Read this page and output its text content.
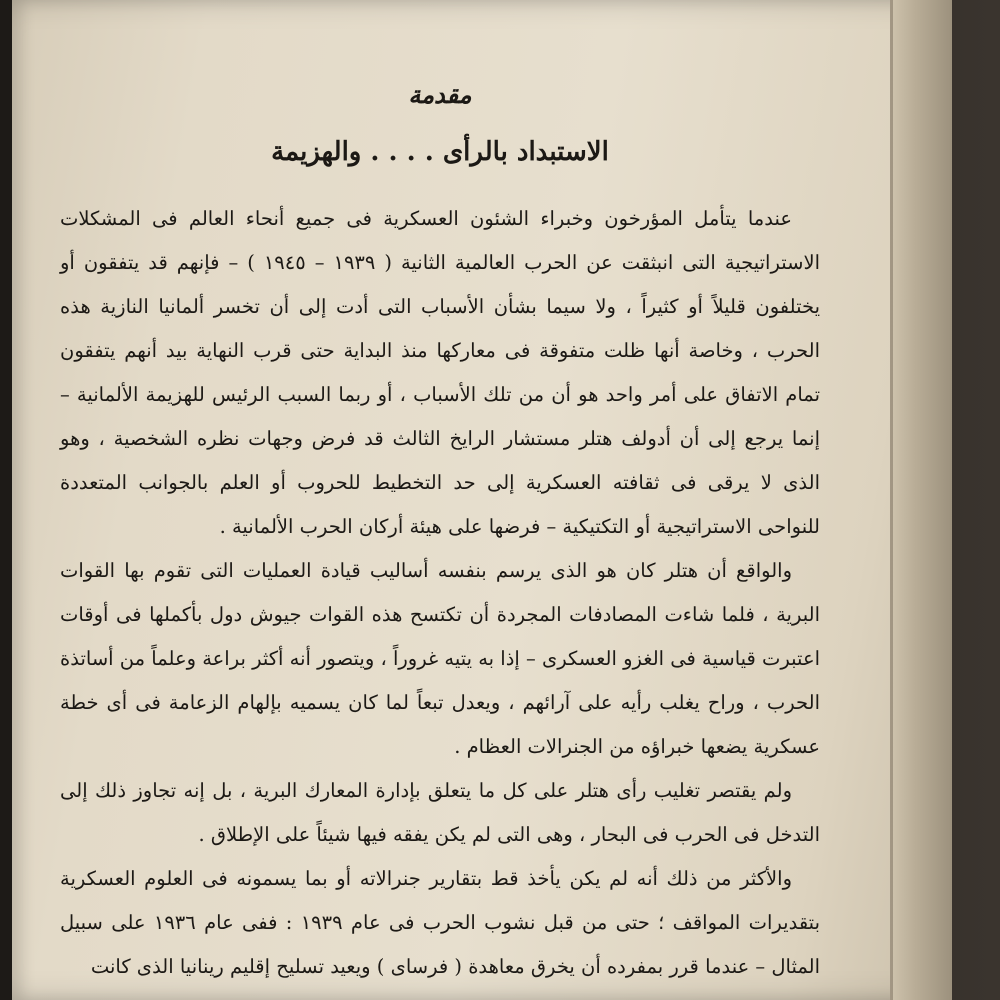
مقدمة
الاستبداد بالرأى . . . . والهزيمة

عندما يتأمل المؤرخون وخبراء الشئون العسكرية فى جميع أنحاء العالم فى المشكلات الاستراتيجية التى انبثقت عن الحرب العالمية الثانية ( ١٩٣٩ – ١٩٤٥ ) – فإنهم قد يتفقون أو يختلفون قليلاً أو كثيراً ، ولا سيما بشأن الأسباب التى أدت إلى أن تخسر ألمانيا النازية هذه الحرب ، وخاصة أنها ظلت متفوقة فى معاركها منذ البداية حتى قرب النهاية بيد أنهم يتفقون تمام الاتفاق على أمر واحد هو أن من تلك الأسباب ، أو ربما السبب الرئيس للهزيمة الألمانية – إنما يرجع إلى أن أدولف هتلر مستشار الرايخ الثالث قد فرض وجهات نظره الشخصية ، وهو الذى لا يرقى فى ثقافته العسكرية إلى حد التخطيط للحروب أو العلم بالجوانب المتعددة للنواحى الاستراتيجية أو التكتيكية – فرضها على هيئة أركان الحرب الألمانية .

والواقع أن هتلر كان هو الذى يرسم بنفسه أساليب قيادة العمليات التى تقوم بها القوات البرية ، فلما شاءت المصادفات المجردة أن تكتسح هذه القوات جيوش دول بأكملها فى أوقات اعتبرت قياسية فى الغزو العسكرى – إذا به يتيه غروراً ، ويتصور أنه أكثر براعة وعلماً من أساتذة الحرب ، وراح يغلب رأيه على آرائهم ، ويعدل تبعاً لما كان يسميه بإلهام الزعامة فى أى خطة عسكرية يضعها خبراؤه من الجنرالات العظام .

ولم يقتصر تغليب رأى هتلر على كل ما يتعلق بإدارة المعارك البرية ، بل إنه تجاوز ذلك إلى التدخل فى الحرب فى البحار ، وهى التى لم يكن يفقه فيها شيئاً على الإطلاق .

والأكثر من ذلك أنه لم يكن يأخذ قط بتقارير جنرالاته أو بما يسمونه فى العلوم العسكرية بتقديرات المواقف ؛ حتى من قبل نشوب الحرب فى عام ١٩٣٩ : ففى عام ١٩٣٦ على سبيل المثال – عندما قرر بمفرده أن يخرق معاهدة ( فرساى ) ويعيد تسليح إقليم رينانيا الذى كانت
